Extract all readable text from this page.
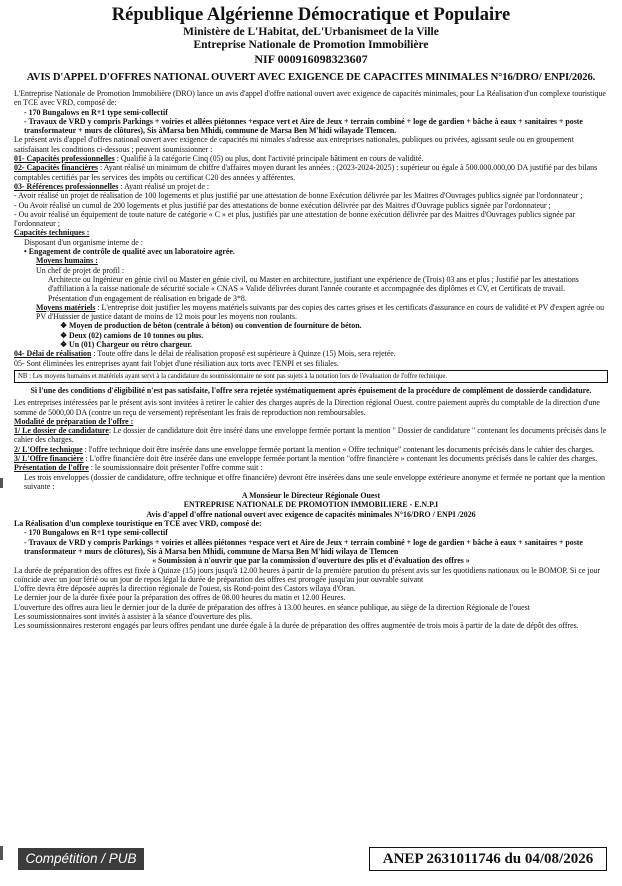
République Algérienne Démocratique et Populaire
Ministère de L'Habitat, deL'Urbanismeet de la Ville
Entreprise Nationale de Promotion Immobilière
NIF 000916098323607
AVIS D'APPEL D'OFFRES NATIONAL OUVERT AVEC EXIGENCE DE CAPACITES MINIMALES N°16/DRO/ ENPI/2026.

L'Entreprise Nationale de Promotion Immobilière (DRO) lance un avis d'appel d'offre national ouvert avec exigence de capacités minimales, pour La Réalisation d'un complexe touristique en TCE avec VRD, composé de:

- 170 Bungalows en R+1 type semi-collectif

- Travaux de VRD y compris Parkings + voiries et allées piétonnes +espace vert et Aire de Jeux + terrain combiné + loge de gardien + bâche à eaux + sanitaires + poste transformateur + murs de clôtures), Sis àMarsa ben Mhidi, commune de Marsa Ben M'hidi wilayade Tlemcen.

Le présent avis d'appel d'offres national ouvert avec exigence de capacités mi nimales s'adresse aux entreprises nationales, publiques ou privées, agissant seule ou en groupement satisfaisant les conditions ci-dessous ; peuvent soumissionner :

01- Capacités professionnelles : Qualifié à la catégorie Cinq (05) ou plus, dont l'activité principale bâtiment en cours de validité.

02- Capacités financières : Ayant réalisé un minimum de chiffre d'affaires moyen durant les années : (2023-2024-2025) : supérieur ou égale à 500.000.000,00 DA justifié par des bilans comptables certifiés par les services des impôts ou certificat C20 des années y afférentes.

03- Références professionnelles : Ayant réalisé un projet de :

- Avoir réalisé un projet de réalisation de 100 logements et plus justifié par une attestation de bonne Exécution délivrée par les Maitres d'Ouvrages publics signée par l'ordonnateur ;

- Ou Avoir réalisé un cumul de 200 logements et plus justifié par des attestations de bonne exécution délivrée par des Maitres d'Ouvrage publics signée par l'ordonnateur ;

- Ou avoir réalisé un équipement de toute nature de catégorie « C » et plus, justifiés par une attestation de bonne exécution délivrée par des Maitres d'Ouvrages publics signée par l'ordonnateur ;

Capacités techniques :

Disposant d'un organisme interne de :

• Engagement de contrôle de qualité avec un laboratoire agrée.

Moyens humains :

Un chef de projet de profil :

Architecte ou Ingénieur en génie civil ou Master en génie civil, ou Master en architecture, justifiant une expérience de (Trois) 03 ans et plus ; Justifié par les attestations d'affiliation à la caisse nationale de sécurité sociale « CNAS » Valide délivrées durant l'année courante et accompagnée des diplômes et CV, et Certificats de travail.

Présentation d'un engagement de réalisation en brigade de 3*8.

Moyens matériels : L'entreprise doit justifier les moyens matériels suivants par des copies des cartes grises et les certificats d'assurance en cours de validité et PV d'expert agrée ou PV d'Huissier de justice datant de moins de 12 mois pour les moyens non roulants.

❖ Moyen de production de béton (centrale à béton) ou convention de fourniture de béton.

❖ Deux (02) camions de 10 tonnes ou plus.

❖ Un (01) Chargeur ou rétro chargeur.

04- Délai de réalisation : Toute offre dans le délai de réalisation proposé est supérieure à Quinze (15) Mois, sera rejetée.

05- Sont éliminées les entreprises ayant fait l'objet d'une résiliation aux torts avec l'ENPI et ses filiales.

NB : Les moyens humains et matériels ayant servi à la candidature du soumissionnaire ne sont pas sujets à la notation lors de l'évaluation de l'offre technique.

Si l'une des conditions d'éligibilité n'est pas satisfaite, l'offre sera rejetée systématiquement après épuisement de la procédure de complément de dossierde candidature.

Les entreprises intéressées par le présent avis sont invitées à retirer le cahier des charges auprès de la Direction régional Ouest. contre paiement auprès du comptable de la direction d'une somme de 5000,00 DA (contre un reçu de versement) représentant les frais de reproduction non remboursables.

Modalité de préparation de l'offre :

1/ Le dossier de candidature: Le dossier de candidature doit être inséré dans une enveloppe fermée portant la mention " Dossier de candidature " contenant les documents précisés dans le cahier des charges.

2/ L'Offre technique : l'offre technique doit être insérée dans une enveloppe fermée portant la mention « Offre technique" contenant les documents précisés dans le cahier des charges.

3/ L'Offre financière : L'offre financière doit être insérée dans une enveloppe fermée portant la mention "offre financière » contenant les documents précisés dans le cahier des charges.

Présentation de l'offre : le soumissionnaire doit présenter l'offre comme suit :

Les trois enveloppes (dossier de candidature, offre technique et offre financière) devront être insérées dans une seule enveloppe extérieure anonyme et fermée ne portant que la mention suivante :

A Monsieur le Directeur Régionale Ouest

ENTREPRISE NATIONALE DE PROMOTION IMMOBILIERE - E.N.P.I

Avis d'appel d'offre national ouvert avec exigence de capacités minimales N°16/DRO / ENPI /2026

La Réalisation d'un complexe touristique en TCE avec VRD, composé de:

- 170 Bungalows en R+1 type semi-collectif

- Travaux de VRD y compris Parkings + voiries et allées piétonnes +espace vert et Aire de Jeux + terrain combiné + loge de gardien + bâche à eaux + sanitaires + poste transformateur + murs de clôtures), Sis à Marsa ben Mhidi, commune de Marsa Ben M'hidi wilaya de Tlemcen

« Soumission à n'ouvrir que par la commission d'ouverture des plis et d'évaluation des offres »

La durée de préparation des offres est fixée à Quinze (15) jours jusqu'à 12.00 heures à partir de la première parution du présent avis sur les quotidiens nationaux ou le BOMOP. Si ce jour coïncide avec un jour férié ou un jour de repos légal la durée de préparation des offres est prorogée jusqu'au jour ouvrable suivant

L'offre devra être déposée auprès la direction régionale de l'ouest, sis Rond-point des Castors wilaya d'Oran.

Le dernier jour de la durée fixée pour la préparation des offres de 08.00 heures du matin et 12.00 Heures.

L'ouverture des offres aura lieu le dernier jour de la durée de préparation des offres à 13.00 heures. en séance publique, au siège de la direction Régionale de l'ouest

Les soumissionnaires sont invités à assister à la séance d'ouverture des plis.

Les soumissionnaires resteront engagés par leurs offres pendant une durée égale à la durée de préparation des offres augmentée de trois mois à partir de la date de dépôt des offres.

Compétition / PUB	ANEP 2631011746 du 04/08/2026
